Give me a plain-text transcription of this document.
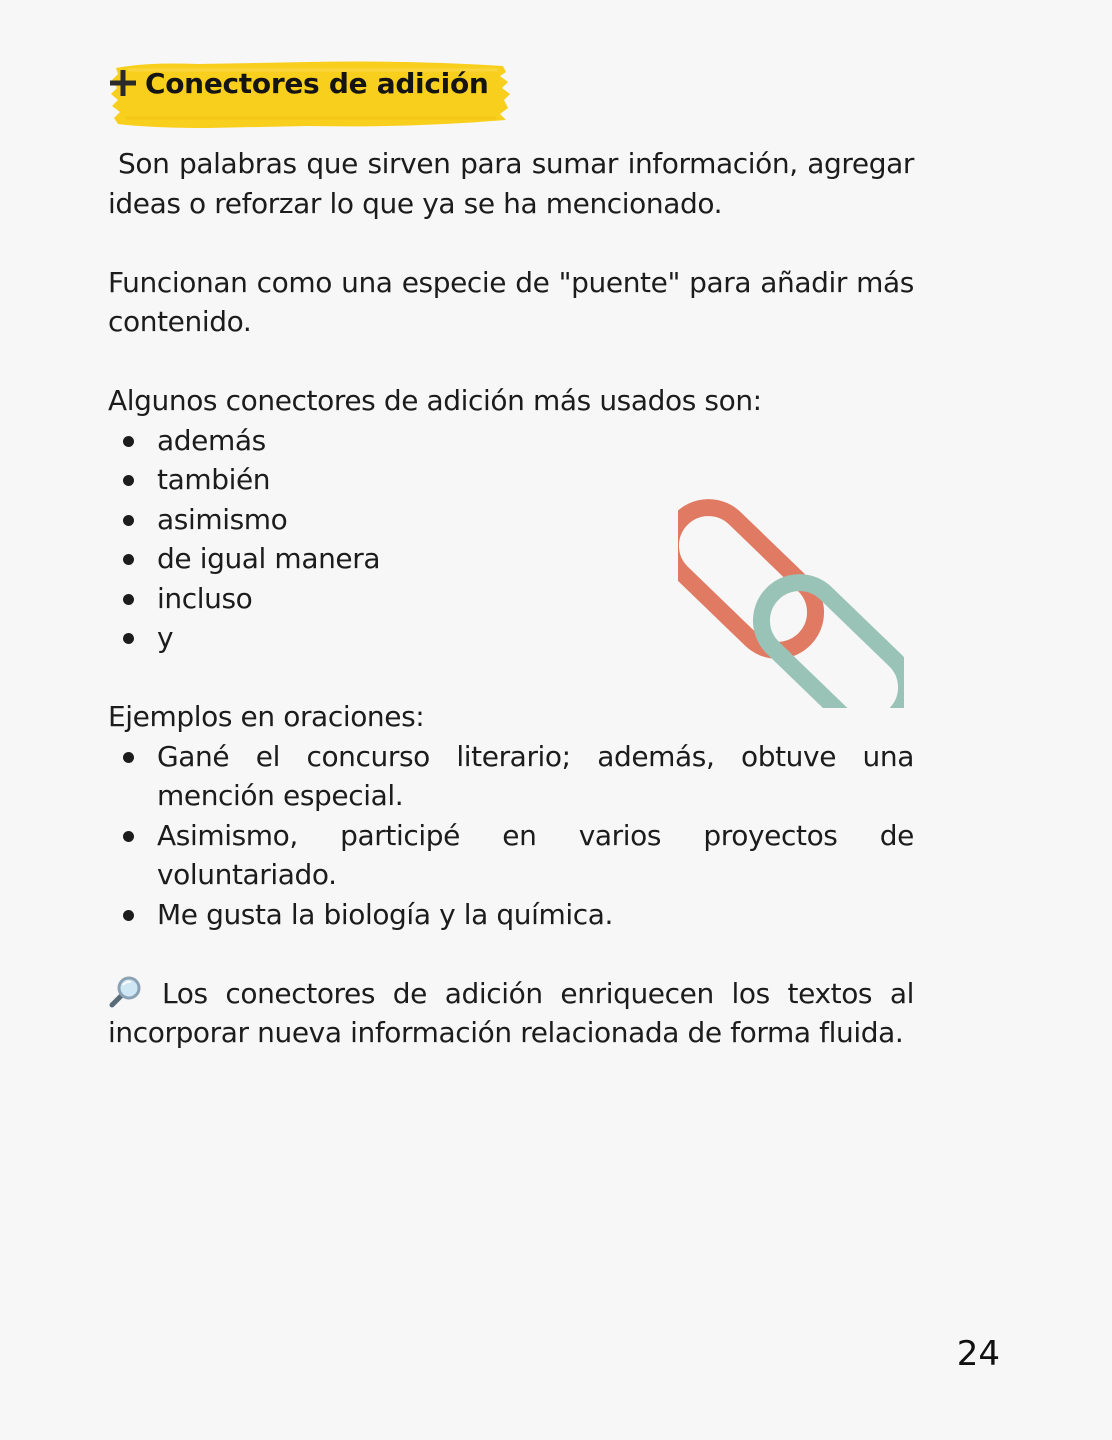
Conectores de adición

Son palabras que sirven para sumar información, agregar ideas o reforzar lo que ya se ha mencionado.

Funcionan como una especie de "puente" para añadir más contenido.

Algunos conectores de adición más usados son:

además
también
asimismo
de igual manera
incluso
y

Ejemplos en oraciones:

Gané el concurso literario; además, obtuve una mención especial.
Asimismo, participé en varios proyectos de voluntariado.
Me gusta la biología y la química.

Los conectores de adición enriquecen los textos al incorporar nueva información relacionada de forma fluida.

24
